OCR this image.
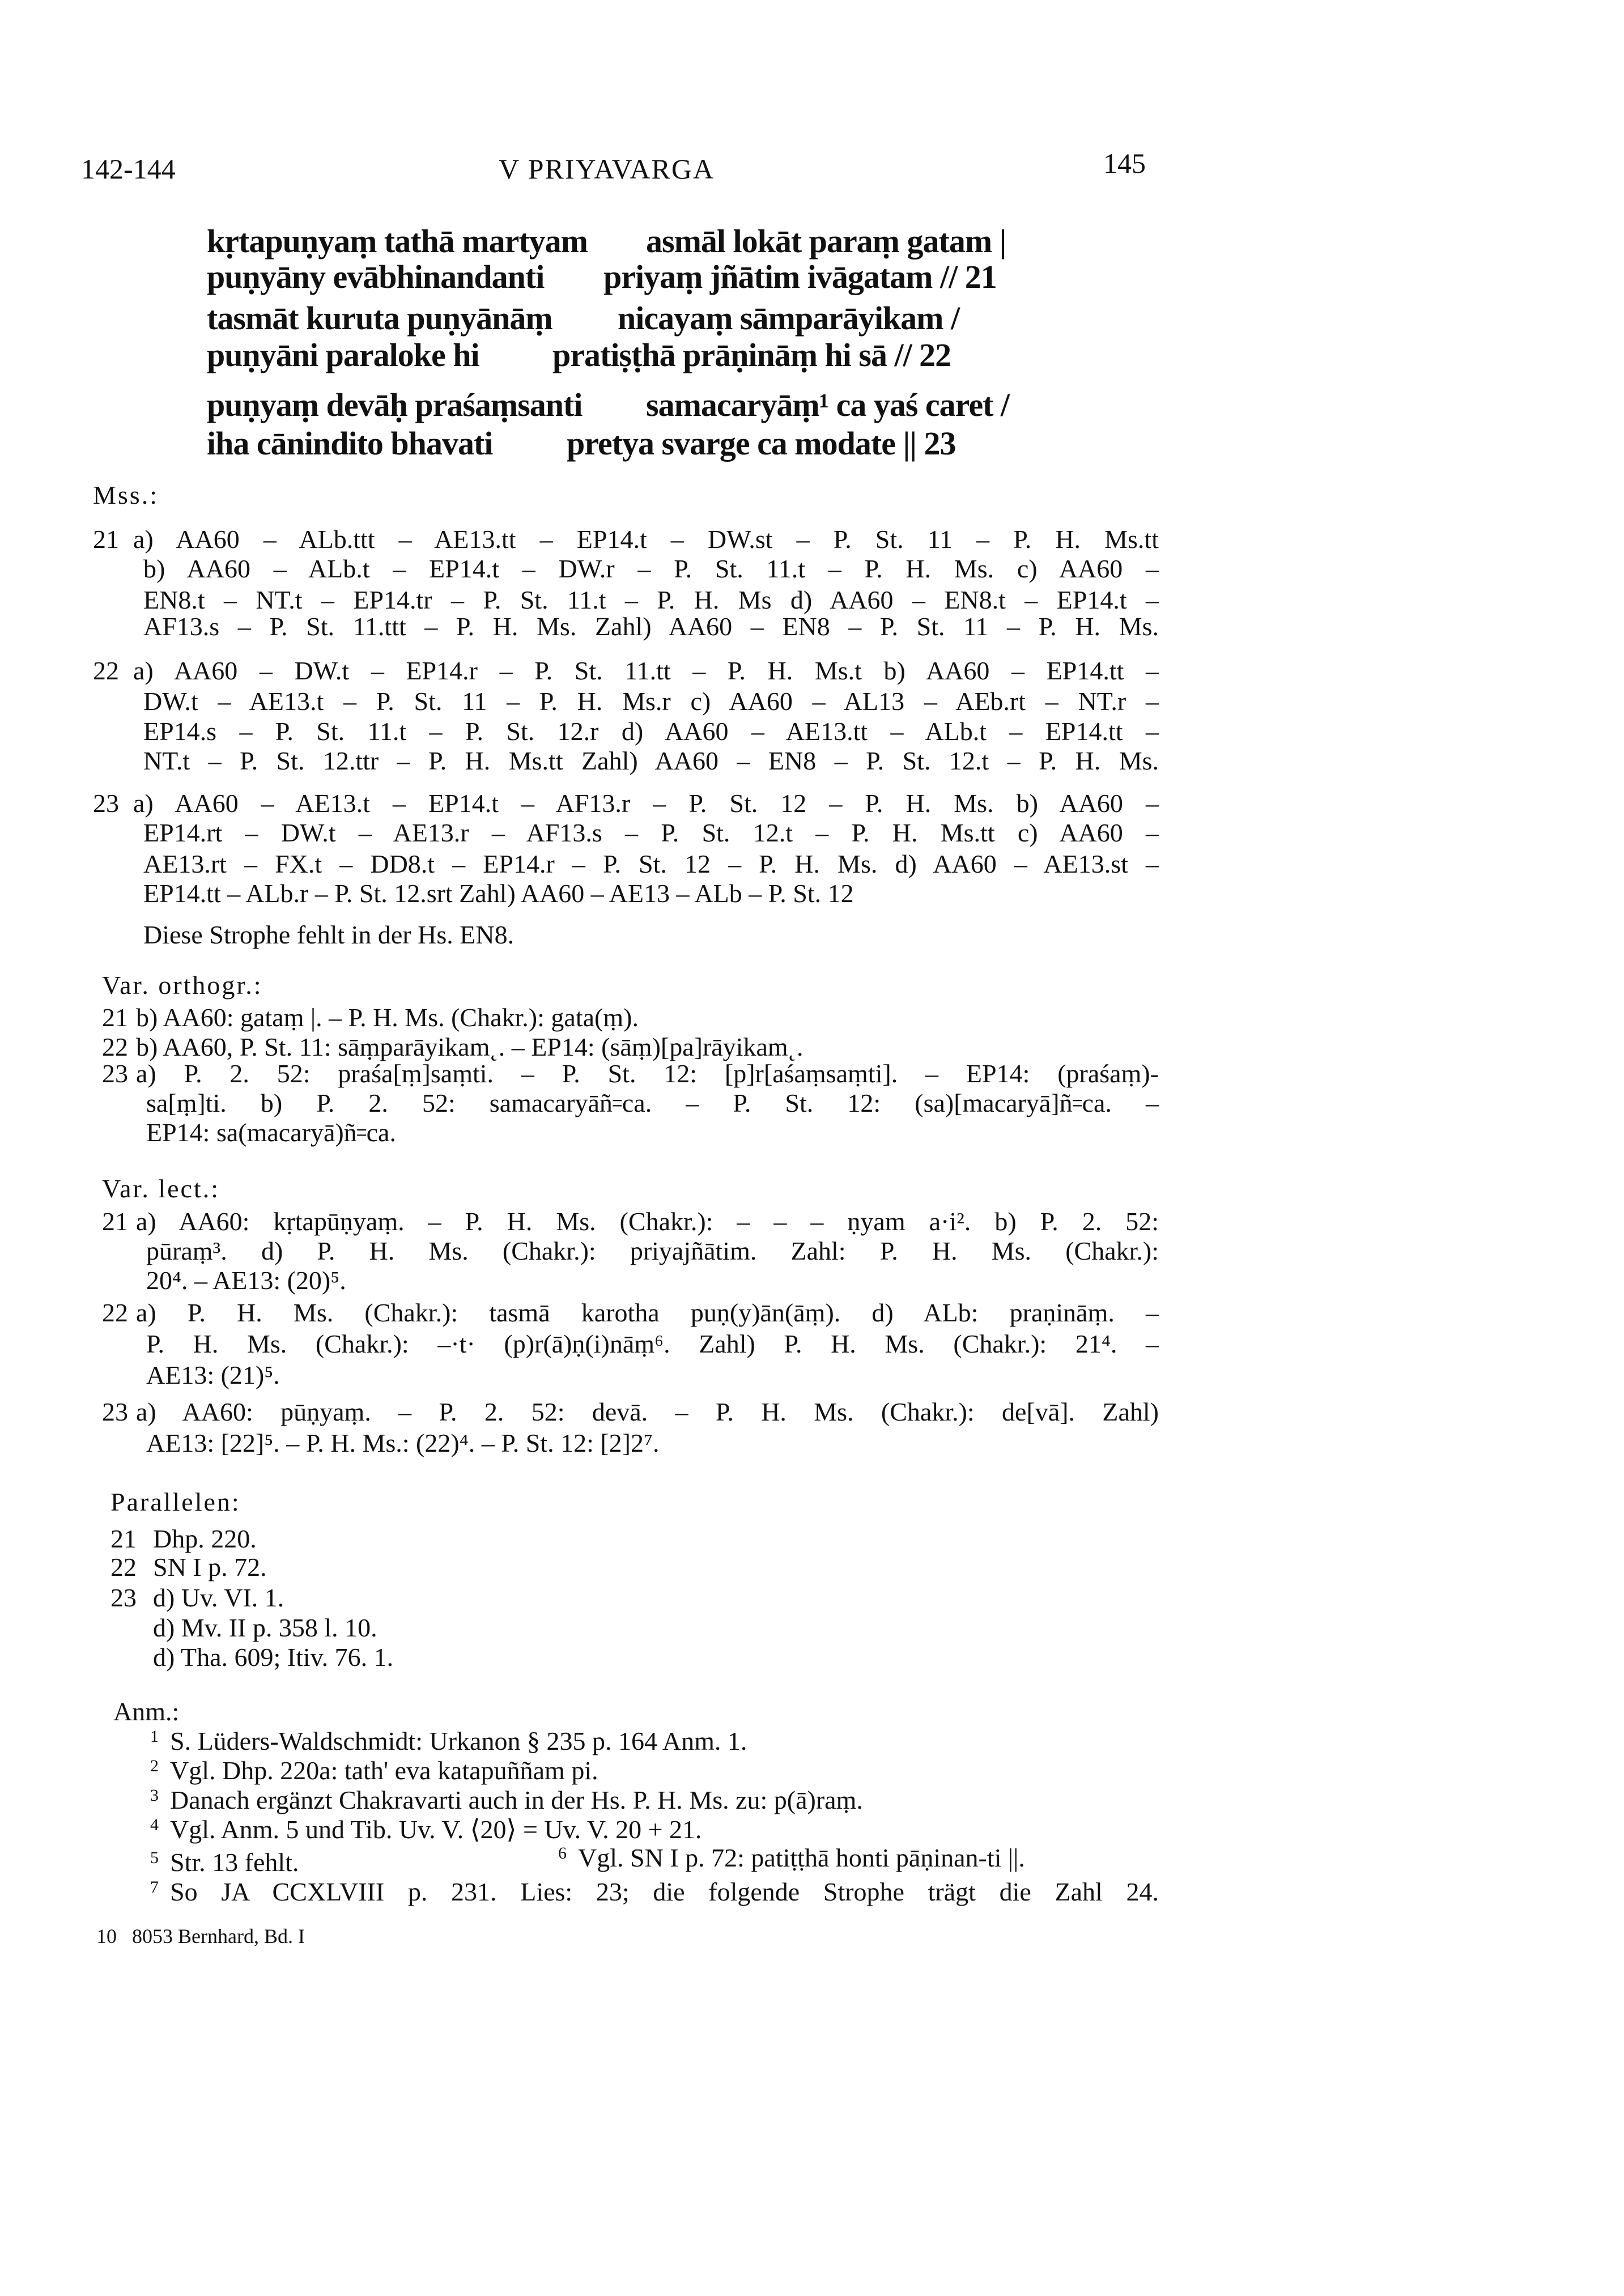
142-144	V PRIYAVARGA	145
kṛtapuṇyaṃ tathā martyam asmāl lokāt paraṃ gatam |
puṇyāny evābhinandanti priyaṃ jñātim ivāgatam // 21
tasmāt kuruta puṇyānāṃ nicayaṃ sāmparāyikam /
puṇyāni paraloke hi pratiṣṭhā prāṇināṃ hi sā // 22
puṇyaṃ devāḥ praśaṃsanti samacaryāṃ¹ ca yaś caret /
iha cānindito bhavati pretya svarge ca modate || 23
Mss.:
21 a) AA60 – ALb.ttt – AE13.tt – EP14.t – DW.st – P. St. 11 – P. H. Ms.tt
b) AA60 – ALb.t – EP14.t – DW.r – P. St. 11.t – P. H. Ms. c) AA60 –
EN8.t – NT.t – EP14.tr – P. St. 11.t – P. H. Ms d) AA60 – EN8.t – EP14.t –
AF13.s – P. St. 11.ttt – P. H. Ms. Zahl) AA60 – EN8 – P. St. 11 – P. H. Ms.
22 a) AA60 – DW.t – EP14.r – P. St. 11.tt – P. H. Ms.t b) AA60 – EP14.tt –
DW.t – AE13.t – P. St. 11 – P. H. Ms.r c) AA60 – AL13 – AEb.rt – NT.r –
EP14.s – P. St. 11.t – P. St. 12.r d) AA60 – AE13.tt – ALb.t – EP14.tt –
NT.t – P. St. 12.ttr – P. H. Ms.tt Zahl) AA60 – EN8 – P. St. 12.t – P. H. Ms.
23 a) AA60 – AE13.t – EP14.t – AF13.r – P. St. 12 – P. H. Ms. b) AA60 –
EP14.rt – DW.t – AE13.r – AF13.s – P. St. 12.t – P. H. Ms.tt c) AA60 –
AE13.rt – FX.t – DD8.t – EP14.r – P. St. 12 – P. H. Ms. d) AA60 – AE13.st –
EP14.tt – ALb.r – P. St. 12.srt Zahl) AA60 – AE13 – ALb – P. St. 12
Diese Strophe fehlt in der Hs. EN8.
Var. orthogr.:
21 b) AA60: gataṃ |. – P. H. Ms. (Chakr.): gata(ṃ).
22 b) AA60, P. St. 11: sāṃparāyikam˛. – EP14: (sāṃ)[pa]rāyikam˛.
23 a) P. 2. 52: praśa[ṃ]saṃti. – P. St. 12: [p]r[aśaṃsaṃti]. – EP14: (praśaṃ)-
sa[ṃ]ti. b) P. 2. 52: samacaryāñ꞊ca. – P. St. 12: (sa)[macaryā]ñ꞊ca. –
EP14: sa(macaryā)ñ꞊ca.
Var. lect.:
21 a) AA60: kṛtapūṇyaṃ. – P. H. Ms. (Chakr.): – – – ṇyam a·i². b) P. 2. 52:
pūraṃ³. d) P. H. Ms. (Chakr.): priyajñātim. Zahl: P. H. Ms. (Chakr.):
20⁴. – AE13: (20)⁵.
22 a) P. H. Ms. (Chakr.): tasmā karotha puṇ(y)ān(āṃ). d) ALb: praṇināṃ. –
P. H. Ms. (Chakr.): –·t· (p)r(ā)ṇ(i)nāṃ⁶. Zahl) P. H. Ms. (Chakr.): 21⁴. –
AE13: (21)⁵.
23 a) AA60: pūṇyaṃ. – P. 2. 52: devā. – P. H. Ms. (Chakr.): de[vā]. Zahl)
AE13: [22]⁵. – P. H. Ms.: (22)⁴. – P. St. 12: [2]2⁷.
Parallelen:
21 Dhp. 220.
22 SN I p. 72.
23 d) Uv. VI. 1.
d) Mv. II p. 358 l. 10.
d) Tha. 609; Itiv. 76. 1.
Anm.:
1 S. Lüders-Waldschmidt: Urkanon § 235 p. 164 Anm. 1.
2 Vgl. Dhp. 220a: tath' eva katapuññam pi.
3 Danach ergänzt Chakravarti auch in der Hs. P. H. Ms. zu: p(ā)raṃ.
4 Vgl. Anm. 5 und Tib. Uv. V. ⟨20⟩ = Uv. V. 20 + 21.
5 Str. 13 fehlt.	6 Vgl. SN I p. 72: patiṭṭhā honti pāṇinan-ti ||.
7 So JA CCXLVIII p. 231. Lies: 23; die folgende Strophe trägt die Zahl 24.
10   8053 Bernhard, Bd. I
